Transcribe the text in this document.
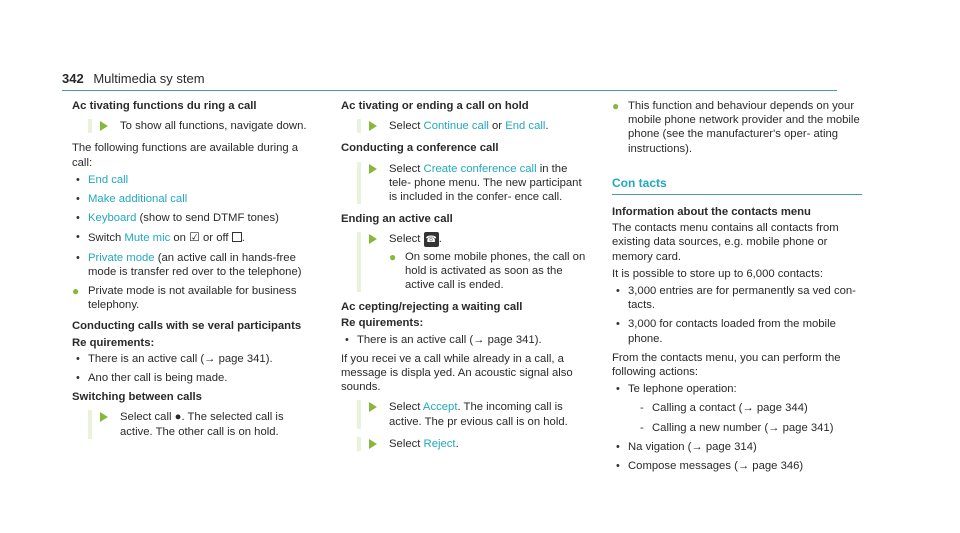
342 Multimedia sy stem
Ac tivating functions du ring a call
To show all functions, navigate down.
The following functions are available during a call:
• End call
• Make additional call
• Keyboard (show to send DTMF tones)
• Switch Mute mic on ☑ or off .
• Private mode (an active call in hands-free mode is transfer red over to the telephone)
● Private mode is not available for business telephony.
Conducting calls with se veral participants
Re quirements:
• There is an active call (→ page 341).
• Ano ther call is being made.
Switching between calls
Select call ●. The selected call is active. The other call is on hold.
Ac tivating or ending a call on hold
Select Continue call or End call.
Conducting a conference call
Select Create conference call in the tele- phone menu. The new participant is included in the confer- ence call.
Ending an active call
Select ☎ .
● On some mobile phones, the call on hold is activated as soon as the active call is ended.
Ac cepting/rejecting a waiting call
Re quirements:
• There is an active call (→ page 341).
If you recei ve a call while already in a call, a message is displa yed. An acoustic signal also sounds.
Select Accept. The incoming call is active. The pr evious call is on hold.
Select Reject.
● This function and behaviour depends on your mobile phone network provider and the mobile phone (see the manufacturer's oper- ating instructions).
Con tacts
Information about the contacts menu
The contacts menu contains all contacts from existing data sources, e.g. mobile phone or memory card.
It is possible to store up to 6,000 contacts:
• 3,000 entries are for permanently sa ved con- tacts.
• 3,000 for contacts loaded from the mobile phone.
From the contacts menu, you can perform the following actions:
• Te lephone operation:
- Calling a contact (→ page 344)
- Calling a new number (→ page 341)
• Na vigation (→ page 314)
• Compose messages (→ page 346)
